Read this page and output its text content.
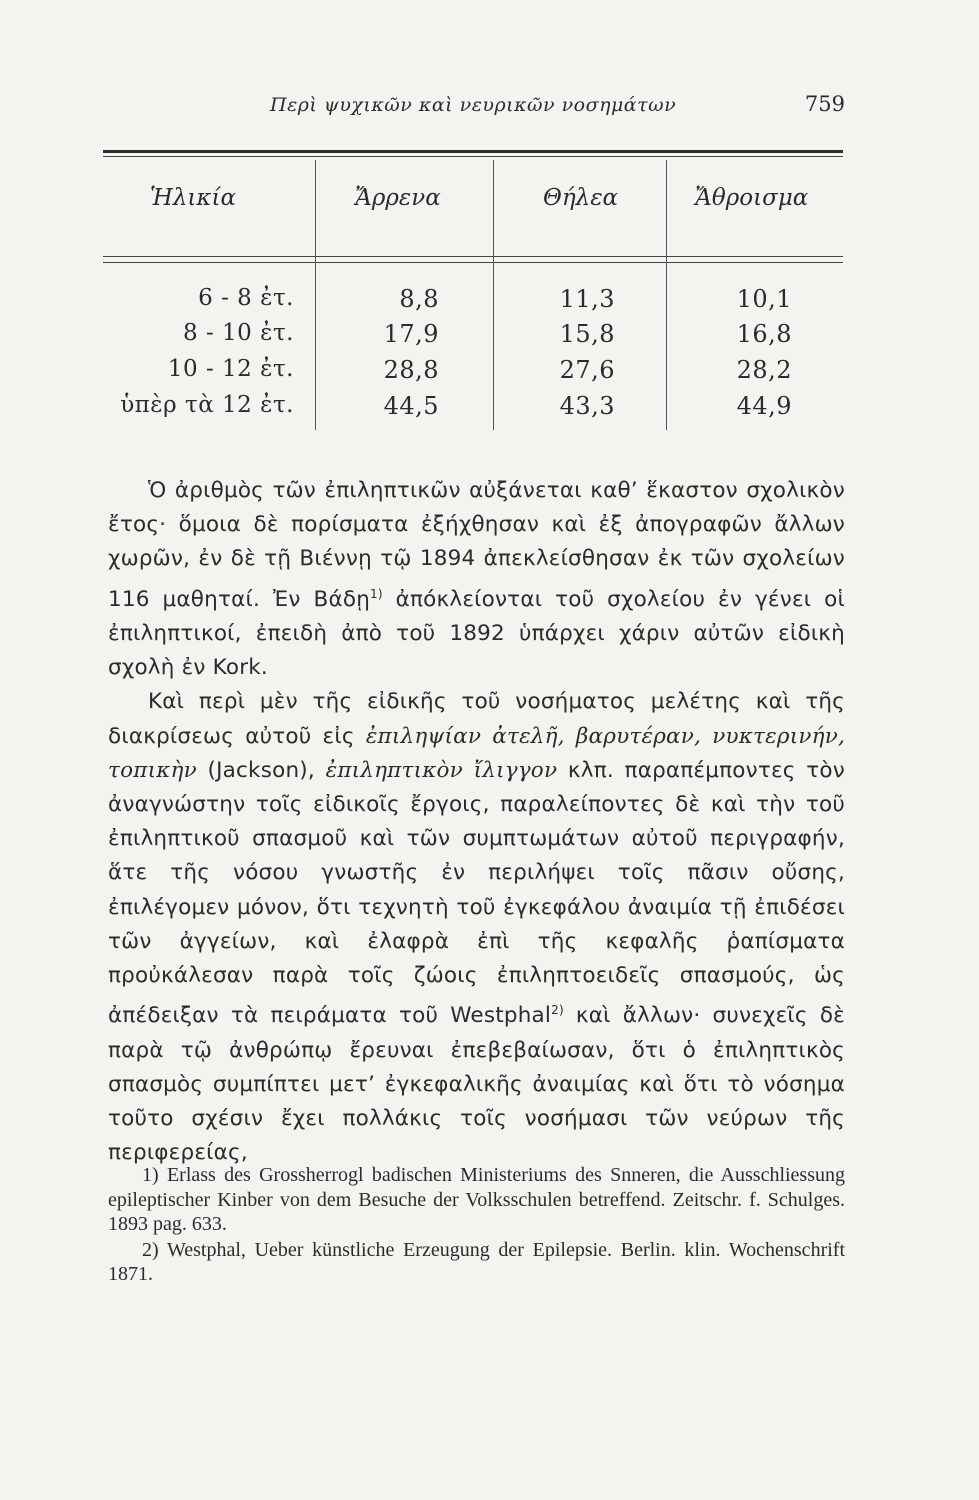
Περὶ ψυχικῶν καὶ νευρικῶν νοσημάτων	759
Ἡλικία	Ἄρρενα	Θήλεα	Ἄθροισμα
6 - 8 ἐτ.	8,8	11,3	10,1
8 - 10 ἐτ.	17,9	15,8	16,8
10 - 12 ἐτ.	28,8	27,6	28,2
ὑπὲρ τὰ 12 ἐτ.	44,5	43,3	44,9

Ὁ ἀριθμὸς τῶν ἐπιληπτικῶν αὐξάνεται καθ’ ἕκαστον σχολικὸν ἔτος· ὅμοια δὲ πορίσματα ἐξήχθησαν καὶ ἐξ ἀπογραφῶν ἄλλων χωρῶν, ἐν δὲ τῇ Βιέννῃ τῷ 1894 ἀπεκλείσθησαν ἐκ τῶν σχολείων 116 μαθηταί. Ἐν Βάδῃ$^{1)}$ ἀπόκλείονται τοῦ σχολείου ἐν γένει οἱ ἐπιληπτικοί, ἐπειδὴ ἀπὸ τοῦ 1892 ὑπάρχει χάριν αὐτῶν εἰδικὴ σχολὴ ἐν Kork.

Καὶ περὶ μὲν τῆς εἰδικῆς τοῦ νοσήματος μελέτης καὶ τῆς διακρίσεως αὐτοῦ εἰς ἐπιληψίαν ἀτελῆ, βαρυτέραν, νυκτερινήν, τοπικὴν (Jackson), ἐπιληπτικὸν ἴλιγγον κλπ. παραπέμποντες τὸν ἀναγνώστην τοῖς εἰδικοῖς ἔργοις, παραλείποντες δὲ καὶ τὴν τοῦ ἐπιληπτικοῦ σπασμοῦ καὶ τῶν συμπτωμάτων αὐτοῦ περιγραφήν, ἅτε τῆς νόσου γνωστῆς ἐν περιλήψει τοῖς πᾶσιν οὔσης, ἐπιλέγομεν μόνον, ὅτι τεχνητὴ τοῦ ἐγκεφάλου ἀναιμία τῇ ἐπιδέσει τῶν ἀγγείων, καὶ ἐλαφρὰ ἐπὶ τῆς κεφαλῆς ῥαπίσματα προὐκάλεσαν παρὰ τοῖς ζώοις ἐπιληπτοειδεῖς σπασμούς, ὡς ἀπέδειξαν τὰ πειράματα τοῦ Westphal$^{2)}$ καὶ ἄλλων· συνεχεῖς δὲ παρὰ τῷ ἀνθρώπῳ ἔρευναι ἐπεβεβαίωσαν, ὅτι ὁ ἐπιληπτικὸς σπασμὸς συμπίπτει μετ’ ἐγκεφαλικῆς ἀναιμίας καὶ ὅτι τὸ νόσημα τοῦτο σχέσιν ἔχει πολλάκις τοῖς νοσήμασι τῶν νεύρων τῆς περιφερείας,

1) Erlass des Grossherrogl badischen Ministeriums des Snneren, die Ausschliessung epileptischer Kinber von dem Besuche der Volksschulen betreffend. Zeitschr. f. Schulges. 1893 pag. 633.

2) Westphal, Ueber künstliche Erzeugung der Epilepsie. Berlin. klin. Wochenschrift 1871.
